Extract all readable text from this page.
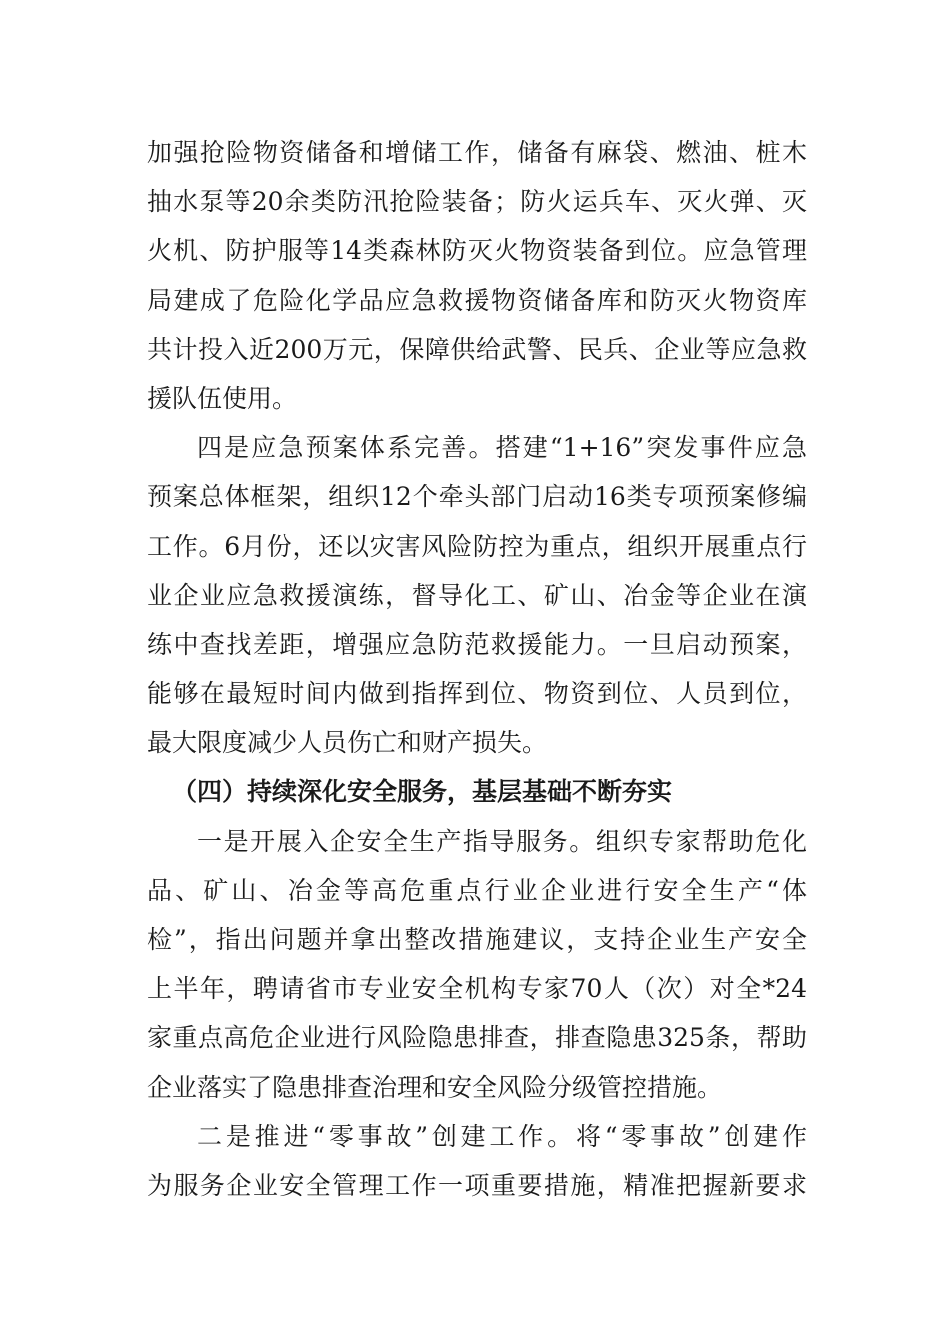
加强抢险物资储备和增储工作，储备有麻袋、燃油、桩木
抽水泵等20余类防汛抢险装备；防火运兵车、灭火弹、灭
火机、防护服等14类森林防灭火物资装备到位。应急管理
局建成了危险化学品应急救援物资储备库和防灭火物资库
共计投入近200万元，保障供给武警、民兵、企业等应急救
援队伍使用。
四是应急预案体系完善。搭建“1+16”突发事件应急
预案总体框架，组织12个牵头部门启动16类专项预案修编
工作。6月份，还以灾害风险防控为重点，组织开展重点行
业企业应急救援演练，督导化工、矿山、冶金等企业在演
练中查找差距，增强应急防范救援能力。一旦启动预案，
能够在最短时间内做到指挥到位、物资到位、人员到位，
最大限度减少人员伤亡和财产损失。
（四）持续深化安全服务，基层基础不断夯实
一是开展入企安全生产指导服务。组织专家帮助危化
品、矿山、冶金等高危重点行业企业进行安全生产“体
检”，指出问题并拿出整改措施建议，支持企业生产安全
上半年，聘请省市专业安全机构专家70人（次）对全*24
家重点高危企业进行风险隐患排查，排查隐患325条，帮助
企业落实了隐患排查治理和安全风险分级管控措施。
二是推进“零事故”创建工作。将“零事故”创建作
为服务企业安全管理工作一项重要措施，精准把握新要求
